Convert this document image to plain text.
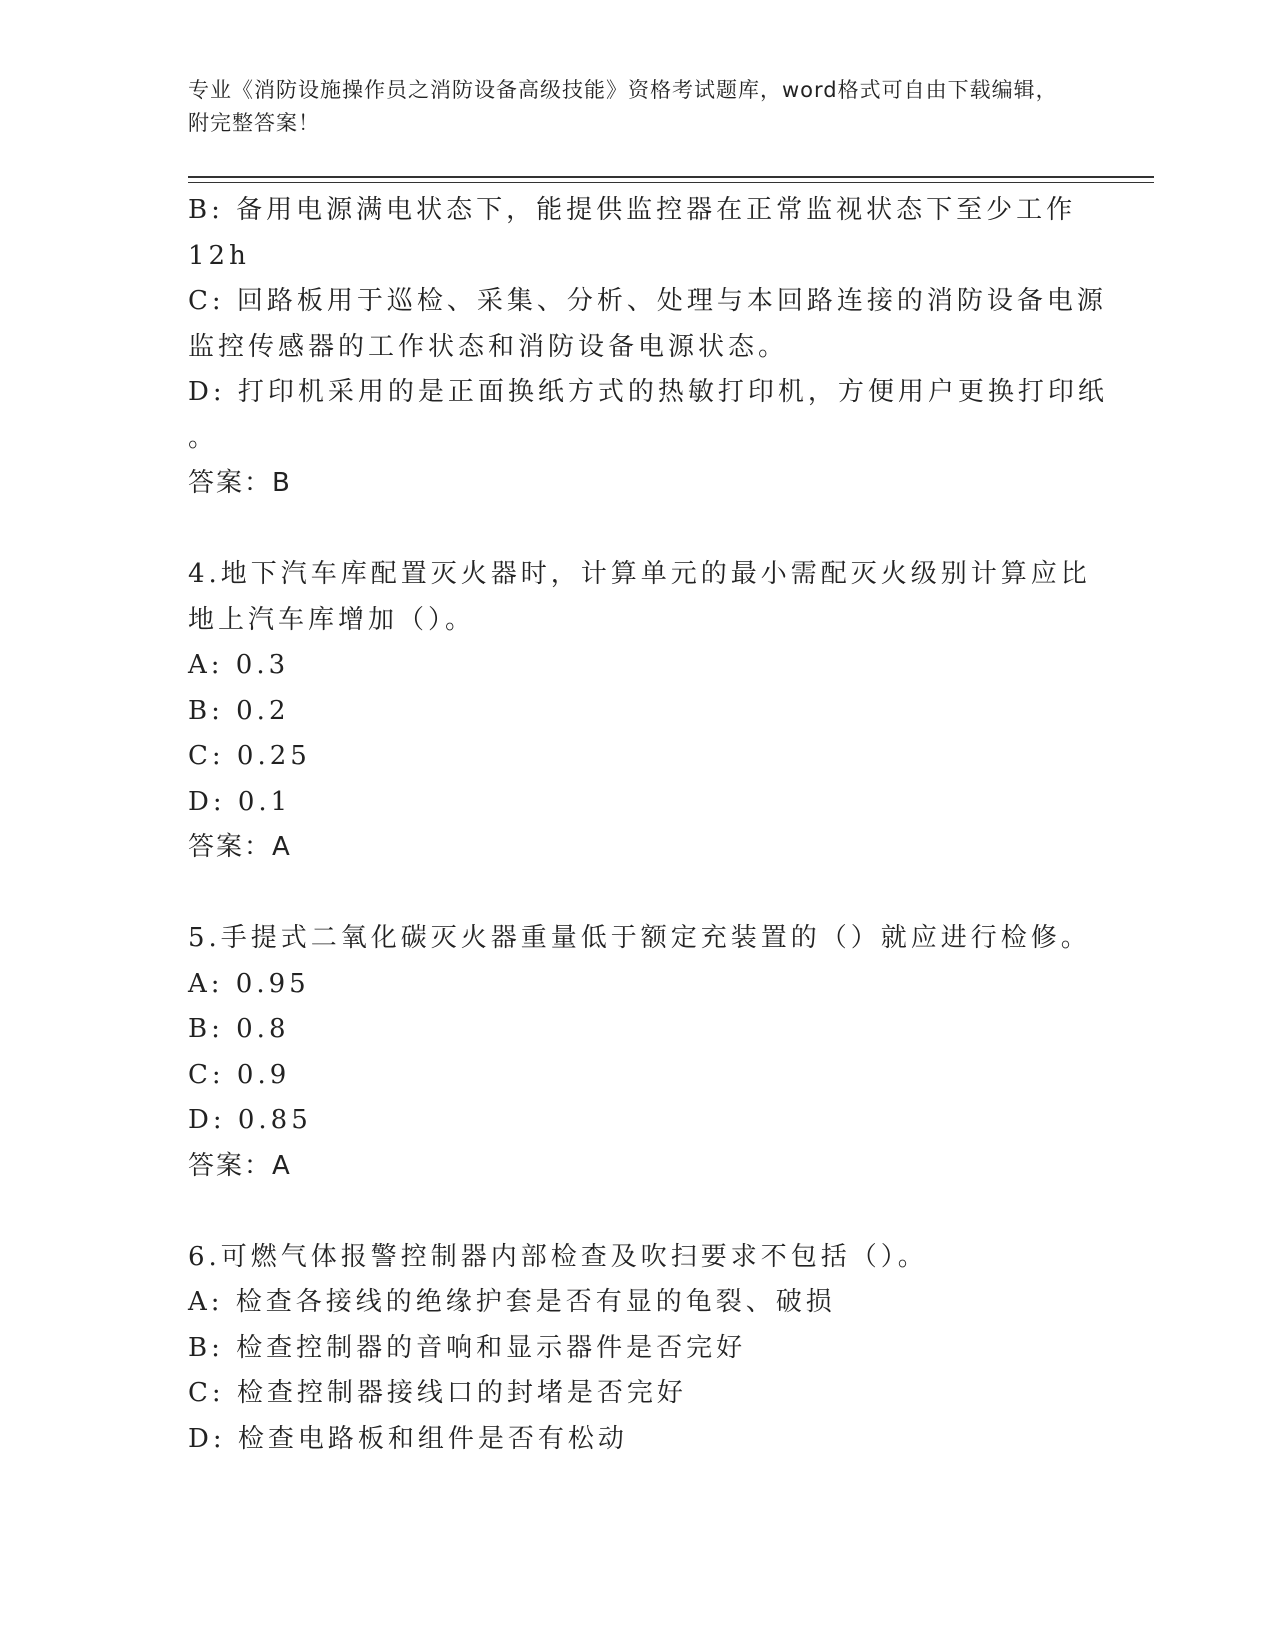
专业《消防设施操作员之消防设备高级技能》资格考试题库，word格式可自由下载编辑，附完整答案！
B: 备用电源满电状态下，能提供监控器在正常监视状态下至少工作
12h
C: 回路板用于巡检、采集、分析、处理与本回路连接的消防设备电源
监控传感器的工作状态和消防设备电源状态。
D: 打印机采用的是正面换纸方式的热敏打印机，方便用户更换打印纸
。
答案：B
4.地下汽车库配置灭火器时，计算单元的最小需配灭火级别计算应比
地上汽车库增加（）。
A: 0.3
B: 0.2
C: 0.25
D: 0.1
答案：A
5.手提式二氧化碳灭火器重量低于额定充装置的（）就应进行检修。
A: 0.95
B: 0.8
C: 0.9
D: 0.85
答案：A
6.可燃气体报警控制器内部检查及吹扫要求不包括（）。
A: 检查各接线的绝缘护套是否有显的龟裂、破损
B: 检查控制器的音响和显示器件是否完好
C: 检查控制器接线口的封堵是否完好
D: 检查电路板和组件是否有松动
